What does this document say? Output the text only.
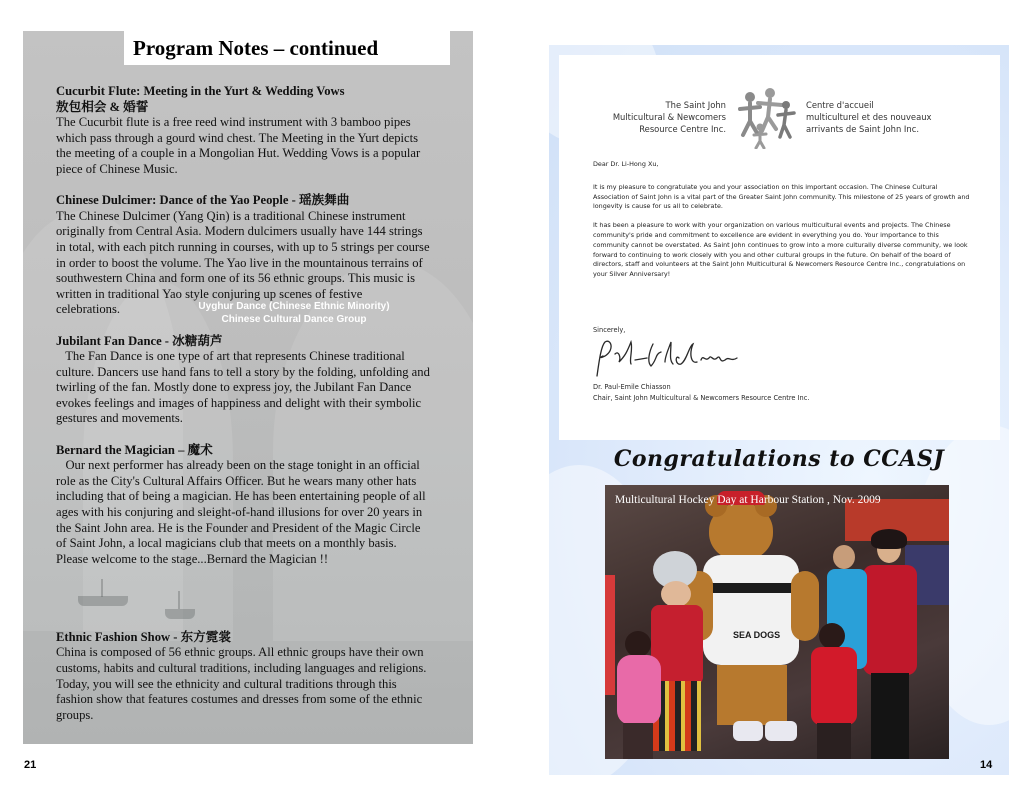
Program Notes – continued

Cucurbit Flute: Meeting in the Yurt & Wedding Vows

敖包相会 & 婚誓

The Cucurbit flute is a free reed wind instrument with 3 bamboo pipes

which pass through a gourd wind chest. The Meeting in the Yurt depicts

the meeting of a couple in a Mongolian Hut. Wedding Vows is a popular

piece of Chinese Music.

Chinese Dulcimer: Dance of the Yao People - 瑶族舞曲

The Chinese Dulcimer (Yang Qin) is a traditional Chinese instrument

originally from Central Asia. Modern dulcimers usually have 144 strings

in total, with each pitch running in courses, with up to 5 strings per course

in order to boost the volume. The Yao live in the mountainous terrains of

southwestern China and form one of its 56 ethnic groups. This music is

written in traditional Yao style conjuring up scenes of festive

celebrations.

Jubilant Fan Dance - 冰糖葫芦

The Fan Dance is one type of art that represents Chinese traditional

culture. Dancers use hand fans to tell a story by the folding, unfolding and

twirling of the fan. Mostly done to express joy, the Jubilant Fan Dance

evokes feelings and images of happiness and delight with their symbolic

gestures and movements.

Bernard the Magician – 魔术

Our next performer has already been on the stage tonight in an official

role as the City's Cultural Affairs Officer. But he wears many other hats

including that of being a magician. He has been entertaining people of all

ages with his conjuring and sleight-of-hand illusions for over 20 years in

the Saint John area. He is the Founder and President of the Magic Circle

of Saint John, a local magicians club that meets on a monthly basis.

Please welcome to the stage...Bernard the Magician !!

Ethnic Fashion Show - 东方霓裳

China is composed of 56 ethnic groups. All ethnic groups have their own

customs, habits and cultural traditions, including languages and religions.

Today, you will see the ethnicity and cultural traditions through this

fashion show that features costumes and dresses from some of the ethnic

groups.

Uyghur Dance (Chinese Ethnic Minority)
Chinese Cultural Dance Group
21
The Saint John
Multicultural & Newcomers
Resource Centre Inc.
Centre d'accueil
multiculturel et des nouveaux
arrivants de Saint John Inc.

Dear Dr. Li-Hong Xu,

It is my pleasure to congratulate you and your association on this important occasion. The Chinese Cultural Association of Saint John is a vital part of the Greater Saint John community. This milestone of 25 years of growth and longevity is cause for us all to celebrate.

It has been a pleasure to work with your organization on various multicultural events and projects. The Chinese community's pride and commitment to excellence are evident in everything you do. Your importance to this community cannot be overstated. As Saint John continues to grow into a more culturally diverse community, we look forward to continuing to work closely with you and other cultural groups in the future. On behalf of the board of directors, staff and volunteers at the Saint John Multicultural & Newcomers Resource Centre Inc., congratulations on your Silver Anniversary!

Sincerely,
Dr. Paul-Emile Chiasson
Chair, Saint John Multicultural & Newcomers Resource Centre Inc.
Congratulations to CCASJ
SEA DOGS
Multicultural Hockey Day at Harbour Station , Nov. 2009
14
